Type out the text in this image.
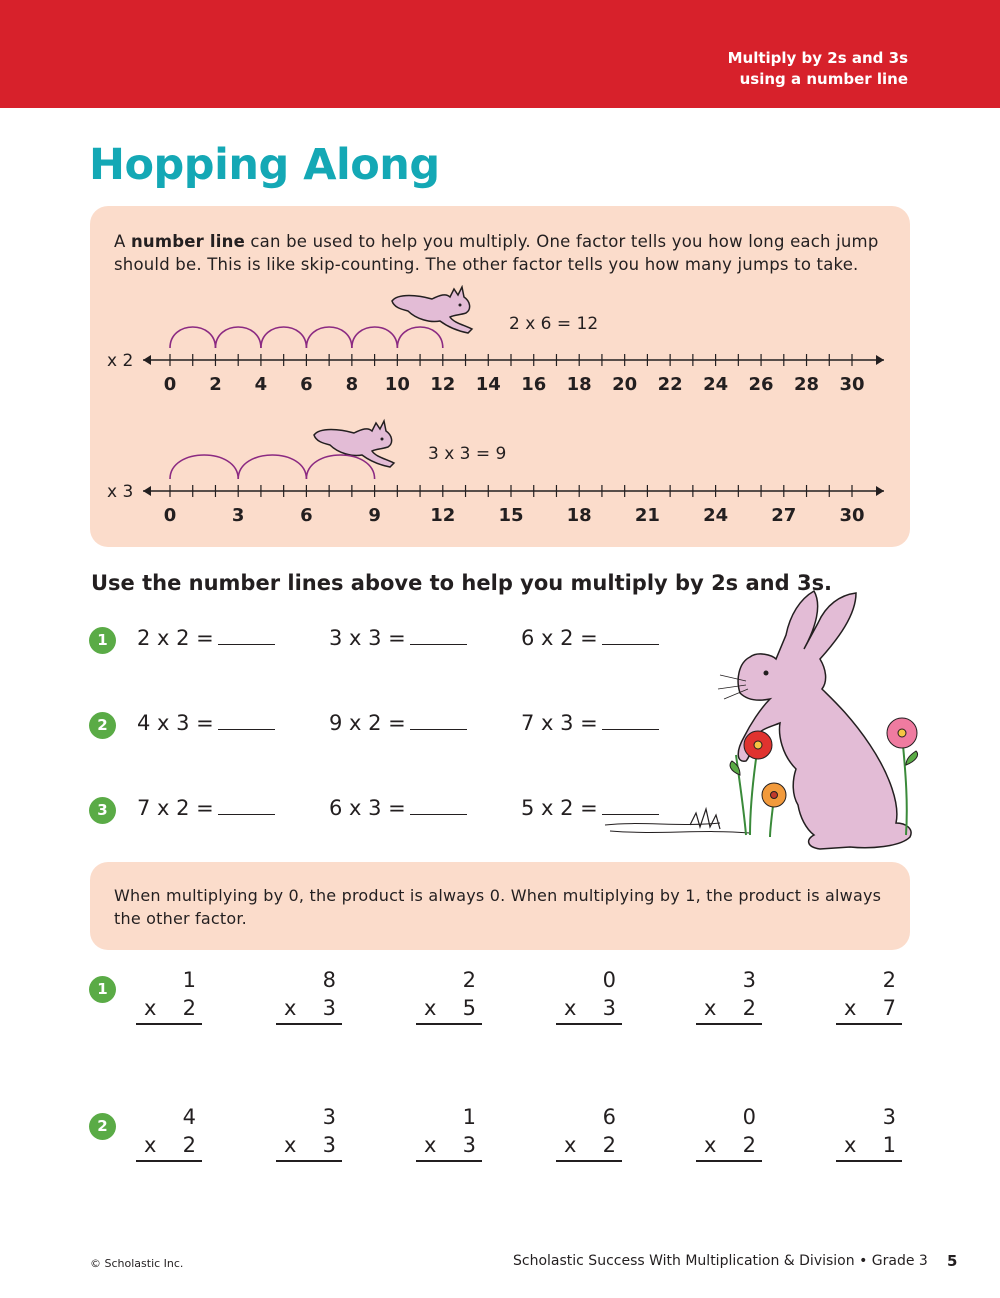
Multiply by 2s and 3s
using a number line
Hopping Along
A number line can be used to help you multiply. One factor tells you how long each jump should be. This is like skip-counting. The other factor tells you how many jumps to take.
2 x 6 = 12
3 x 3 = 9
x 2
0 2 4 6 8 10 12 14 16 18 20 22 24 26 28 30
x 3
0	3	6	9	12 15 18 21 24 27 30
Use the number lines above to help you multiply by 2s and 3s.
1	2 x 2 =	3 x 3 =	6 x 2 =
2	4 x 3 =	9 x 2 =	7 x 3 =
3	7 x 2 =	6 x 3 =	5 x 2 =
When multiplying by 0, the product is always 0. When multiplying by 1, the product is always the other factor.
1	1
x 2
8
x 3
2
x 5
0
x 3
3
x 2
2
x 7
2	4
x 2
3
x 3
1
x 3
6
x 2
0
x 2
3
x 1
© Scholastic Inc.	Scholastic Success With Multiplication & Division • Grade 3 5
